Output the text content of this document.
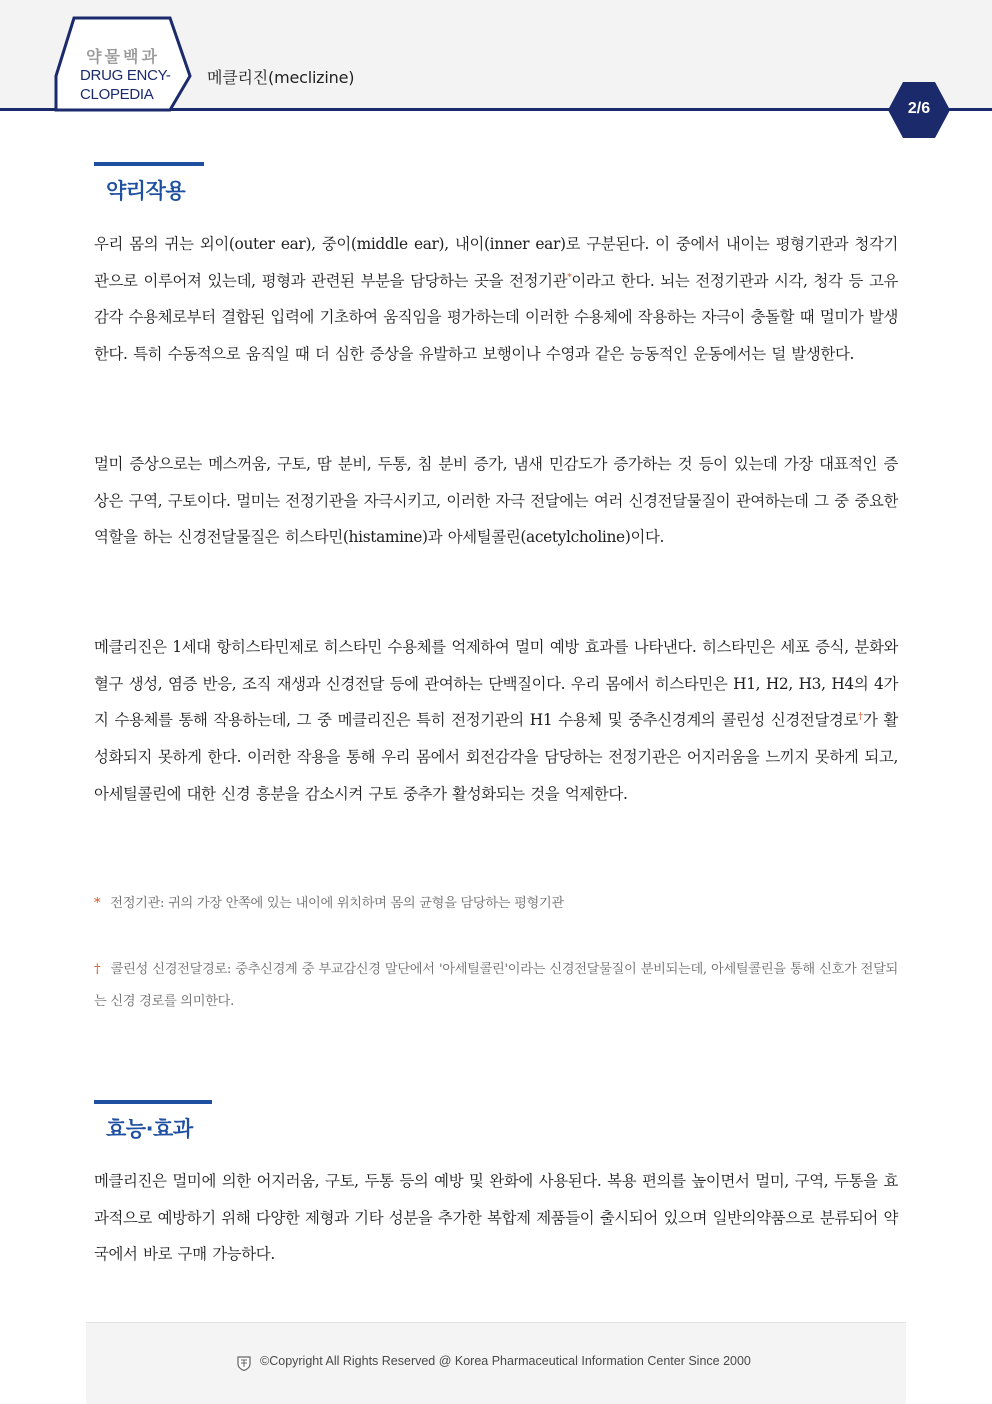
약물백과
DRUG ENCY-
CLOPEDIA
메클리진(meclizine)
2/6
약리작용

우리 몸의 귀는 외이(outer ear), 중이(middle ear), 내이(inner ear)로 구분된다. 이 중에서 내이는 평형기관과 청각기관으로 이루어져 있는데, 평형과 관련된 부분을 담당하는 곳을 전정기관*이라고 한다. 뇌는 전정기관과 시각, 청각 등 고유감각 수용체로부터 결합된 입력에 기초하여 움직임을 평가하는데 이러한 수용체에 작용하는 자극이 충돌할 때 멀미가 발생한다. 특히 수동적으로 움직일 때 더 심한 증상을 유발하고 보행이나 수영과 같은 능동적인 운동에서는 덜 발생한다.

멀미 증상으로는 메스꺼움, 구토, 땀 분비, 두통, 침 분비 증가, 냄새 민감도가 증가하는 것 등이 있는데 가장 대표적인 증상은 구역, 구토이다. 멀미는 전정기관을 자극시키고, 이러한 자극 전달에는 여러 신경전달물질이 관여하는데 그 중 중요한 역할을 하는 신경전달물질은 히스타민(histamine)과 아세틸콜린(acetylcholine)이다.

메클리진은 1세대 항히스타민제로 히스타민 수용체를 억제하여 멀미 예방 효과를 나타낸다. 히스타민은 세포 증식, 분화와 혈구 생성, 염증 반응, 조직 재생과 신경전달 등에 관여하는 단백질이다. 우리 몸에서 히스타민은 H1, H2, H3, H4의 4가지 수용체를 통해 작용하는데, 그 중 메클리진은 특히 전정기관의 H1 수용체 및 중추신경계의 콜린성 신경전달경로†가 활성화되지 못하게 한다. 이러한 작용을 통해 우리 몸에서 회전감각을 담당하는 전정기관은 어지러움을 느끼지 못하게 되고, 아세틸콜린에 대한 신경 흥분을 감소시켜 구토 중추가 활성화되는 것을 억제한다.

* 전정기관: 귀의 가장 안쪽에 있는 내이에 위치하며 몸의 균형을 담당하는 평형기관

† 콜린성 신경전달경로: 중추신경계 중 부교감신경 말단에서 '아세틸콜린'이라는 신경전달물질이 분비되는데, 아세틸콜린을 통해 신호가 전달되는 신경 경로를 의미한다.

효능·효과

메클리진은 멀미에 의한 어지러움, 구토, 두통 등의 예방 및 완화에 사용된다. 복용 편의를 높이면서 멀미, 구역, 두통을 효과적으로 예방하기 위해 다양한 제형과 기타 성분을 추가한 복합제 제품들이 출시되어 있으며 일반의약품으로 분류되어 약국에서 바로 구매 가능하다.

©Copyright All Rights Reserved @ Korea Pharmaceutical Information Center Since 2000
